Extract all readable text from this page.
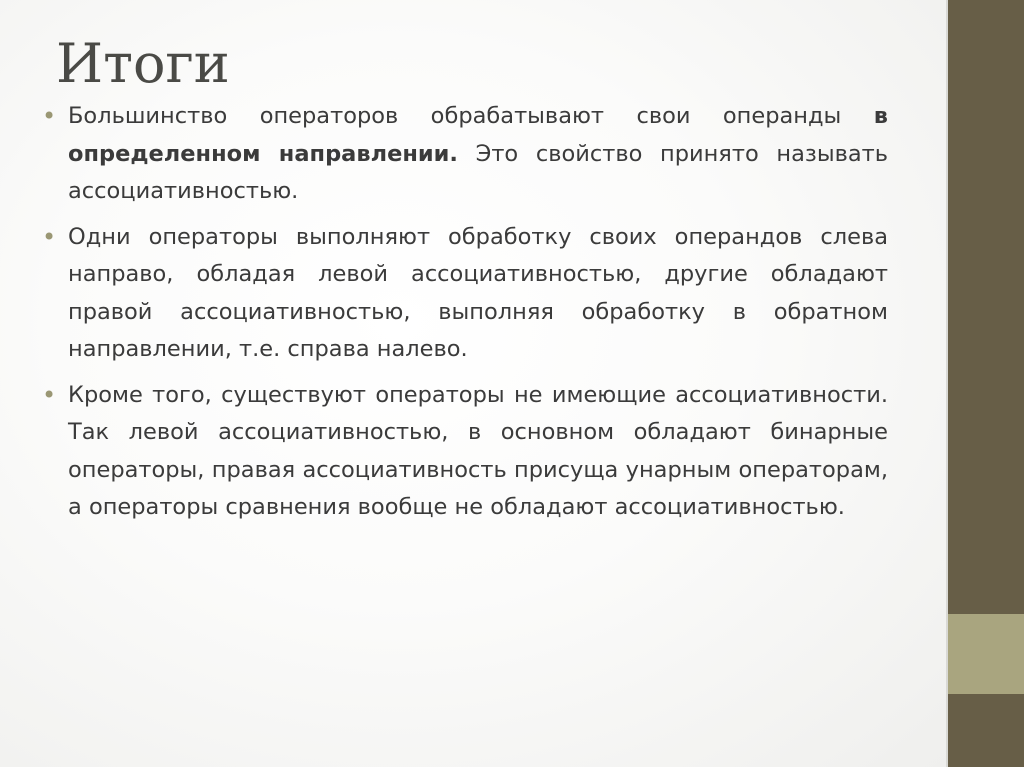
Итоги
• Большинство операторов обрабатывают свои операнды в определенном направлении. Это свойство принято называть ассоциативностью.
• Одни операторы выполняют обработку своих операндов слева направо, обладая левой ассоциативностью, другие обладают правой ассоциативностью, выполняя обработку в обратном направлении, т.е. справа налево.
• Кроме того, существуют операторы не имеющие ассоциативности. Так левой ассоциативностью, в основном обладают бинарные операторы, правая ассоциативность присуща унарным операторам, а операторы сравнения вообще не обладают ассоциативностью.
